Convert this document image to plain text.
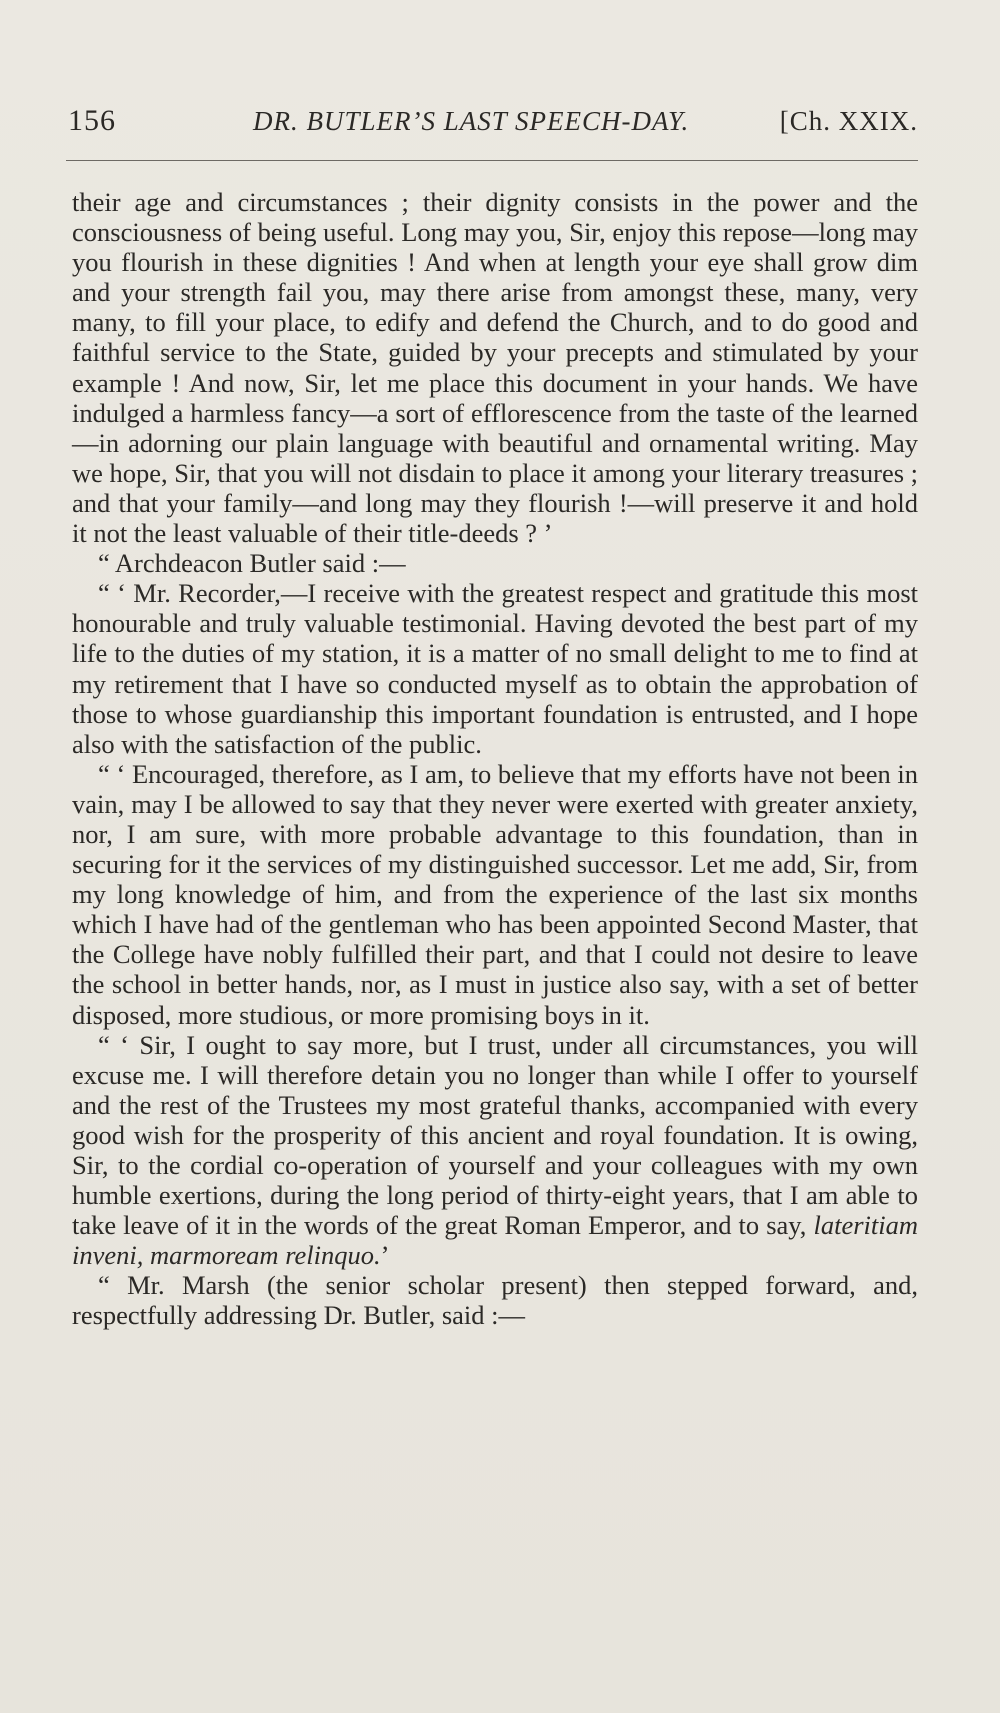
156	DR. BUTLER’S LAST SPEECH-DAY.	[Ch. XXIX.

their age and circumstances ; their dignity consists in the power and the consciousness of being useful. Long may you, Sir, enjoy this repose—long may you flourish in these dignities ! And when at length your eye shall grow dim and your strength fail you, may there arise from amongst these, many, very many, to fill your place, to edify and defend the Church, and to do good and faithful service to the State, guided by your precepts and stimulated by your example ! And now, Sir, let me place this document in your hands. We have indulged a harmless fancy—a sort of efflorescence from the taste of the learned—in adorning our plain language with beautiful and ornamental writing. May we hope, Sir, that you will not disdain to place it among your literary treasures ; and that your family—and long may they flourish !—will preserve it and hold it not the least valuable of their title-deeds ? ’

“ Archdeacon Butler said :—

“ ‘ Mr. Recorder,—I receive with the greatest respect and gratitude this most honourable and truly valuable testimonial. Having devoted the best part of my life to the duties of my station, it is a matter of no small delight to me to find at my retirement that I have so conducted myself as to obtain the approbation of those to whose guardianship this important foundation is entrusted, and I hope also with the satisfaction of the public.

“ ‘ Encouraged, therefore, as I am, to believe that my efforts have not been in vain, may I be allowed to say that they never were exerted with greater anxiety, nor, I am sure, with more probable advantage to this foundation, than in securing for it the services of my distinguished successor. Let me add, Sir, from my long knowledge of him, and from the experience of the last six months which I have had of the gentleman who has been appointed Second Master, that the College have nobly fulfilled their part, and that I could not desire to leave the school in better hands, nor, as I must in justice also say, with a set of better disposed, more studious, or more promising boys in it.

“ ‘ Sir, I ought to say more, but I trust, under all circumstances, you will excuse me. I will therefore detain you no longer than while I offer to yourself and the rest of the Trustees my most grateful thanks, accompanied with every good wish for the prosperity of this ancient and royal foundation. It is owing, Sir, to the cordial co-operation of yourself and your colleagues with my own humble exertions, during the long period of thirty-eight years, that I am able to take leave of it in the words of the great Roman Emperor, and to say, lateritiam inveni, marmoream relinquo.’

“ Mr. Marsh (the senior scholar present) then stepped forward, and, respectfully addressing Dr. Butler, said :—
